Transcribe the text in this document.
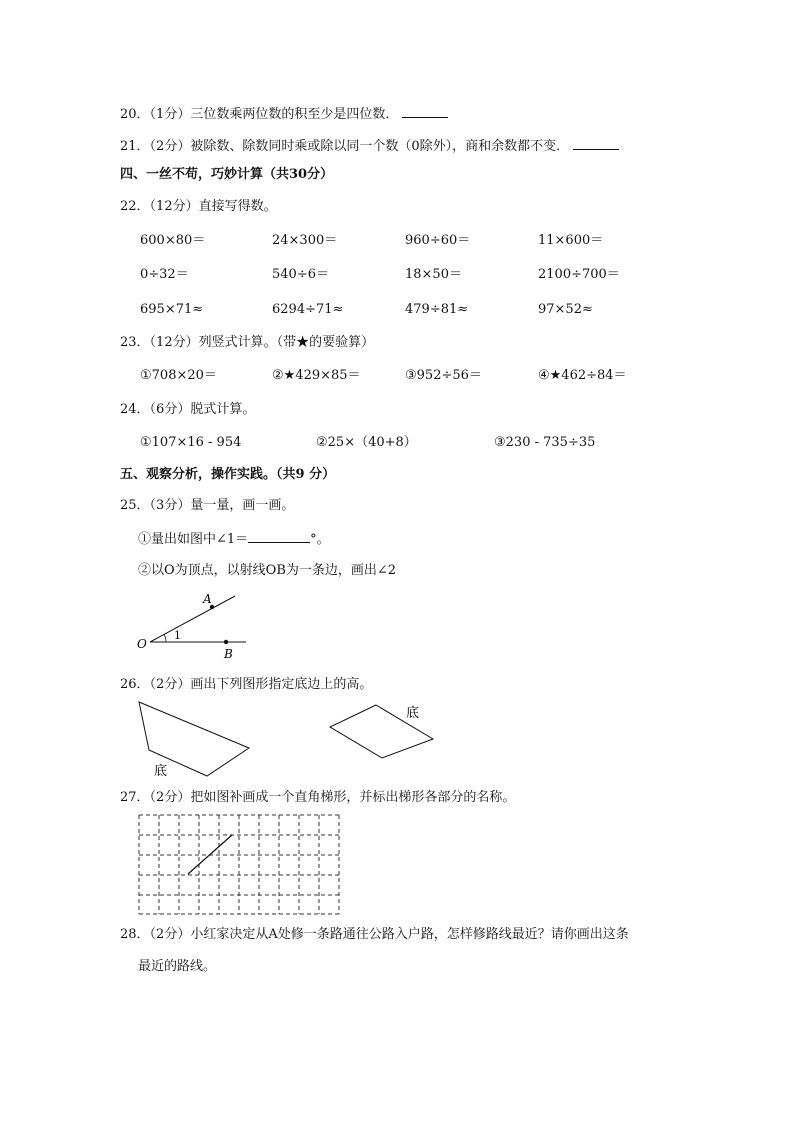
20．（1分）三位数乘两位数的积至少是四位数．
21．（2分）被除数、除数同时乘或除以同一个数（0除外），商和余数都不变．
四、一丝不苟，巧妙计算（共30分）
22．（12分）直接写得数。
600×80＝	24×300＝	960÷60＝	11×600＝
0÷32＝	540÷6＝	18×50＝	2100÷700＝
695×71≈	6294÷71≈	479÷81≈	97×52≈
23．（12分）列竖式计算。（带★的要验算）
①708×20＝	②★429×85＝	③952÷56＝	④★462÷84＝
24．（6分）脱式计算。
①107×16 - 954	②25×（40+8）	③230 - 735÷35
五、观察分析，操作实践。（共9 分）
25．（3分）量一量，画一画。
①量出如图中∠1＝	°。
②以O为顶点，以射线OB为一条边，画出∠2
A
O
B
1
26．（2分）画出下列图形指定底边上的高。
底
底
27．（2分）把如图补画成一个直角梯形，并标出梯形各部分的名称。
28．（2分）小红家决定从A处修一条路通往公路入户路，怎样修路线最近？请你画出这条
最近的路线。
